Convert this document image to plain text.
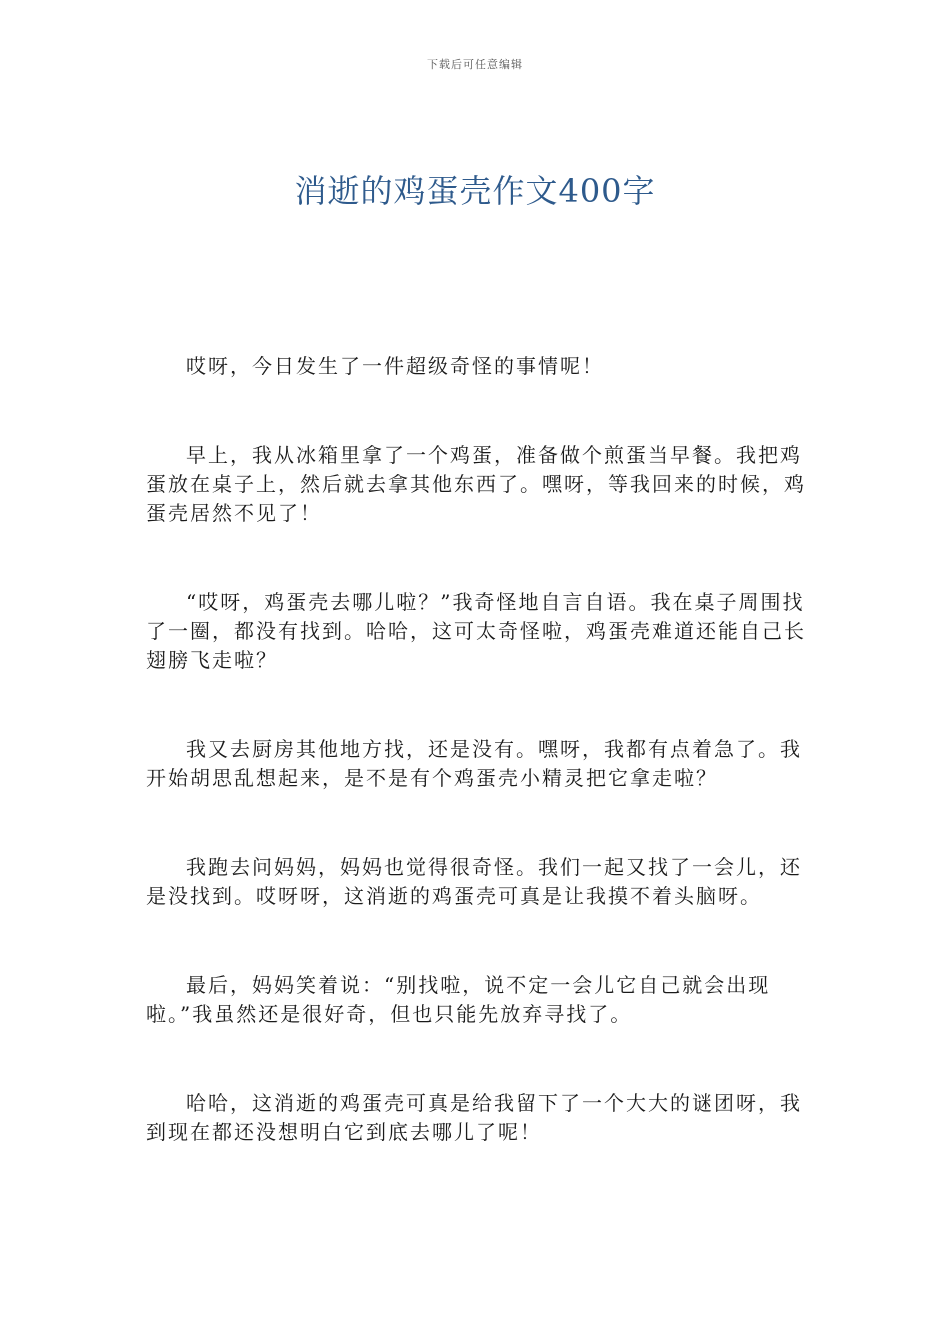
下载后可任意编辑
消逝的鸡蛋壳作文400字

哎呀，今日发生了一件超级奇怪的事情呢！

早上，我从冰箱里拿了一个鸡蛋，准备做个煎蛋当早餐。我把鸡蛋放在桌子上，然后就去拿其他东西了。嘿呀，等我回来的时候，鸡蛋壳居然不见了！

“哎呀，鸡蛋壳去哪儿啦？”我奇怪地自言自语。我在桌子周围找了一圈，都没有找到。哈哈，这可太奇怪啦，鸡蛋壳难道还能自己长翅膀飞走啦？

我又去厨房其他地方找，还是没有。嘿呀，我都有点着急了。我开始胡思乱想起来，是不是有个鸡蛋壳小精灵把它拿走啦？

我跑去问妈妈，妈妈也觉得很奇怪。我们一起又找了一会儿，还是没找到。哎呀呀，这消逝的鸡蛋壳可真是让我摸不着头脑呀。

最后，妈妈笑着说：“别找啦，说不定一会儿它自己就会出现啦。”我虽然还是很好奇，但也只能先放弃寻找了。

哈哈，这消逝的鸡蛋壳可真是给我留下了一个大大的谜团呀，我到现在都还没想明白它到底去哪儿了呢！
